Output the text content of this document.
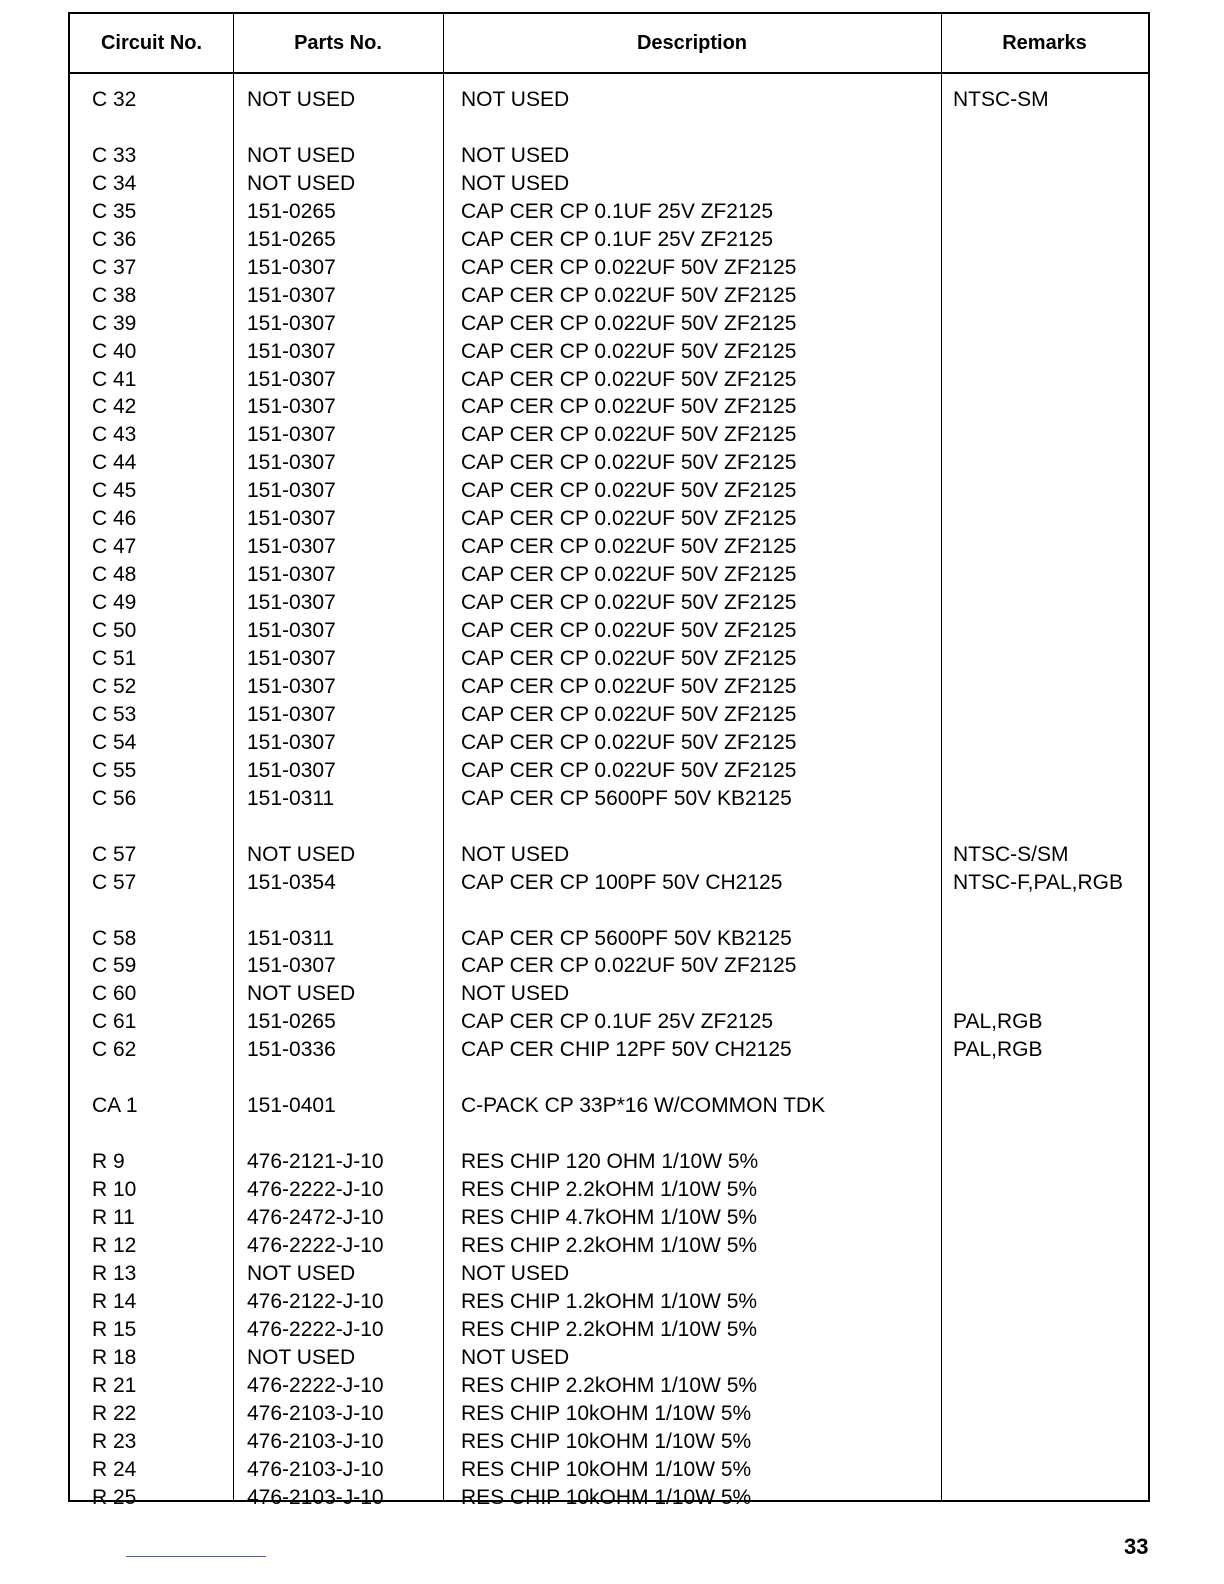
Circuit No.	Parts No.	Description	Remarks
C 32	NOT USED	NOT USED	NTSC-SM
C 33	NOT USED	NOT USED
C 34	NOT USED	NOT USED
C 35	151-0265	CAP CER CP 0.1UF 25V ZF2125
C 36	151-0265	CAP CER CP 0.1UF 25V ZF2125
C 37	151-0307	CAP CER CP 0.022UF 50V ZF2125
C 38	151-0307	CAP CER CP 0.022UF 50V ZF2125
C 39	151-0307	CAP CER CP 0.022UF 50V ZF2125
C 40	151-0307	CAP CER CP 0.022UF 50V ZF2125
C 41	151-0307	CAP CER CP 0.022UF 50V ZF2125
C 42	151-0307	CAP CER CP 0.022UF 50V ZF2125
C 43	151-0307	CAP CER CP 0.022UF 50V ZF2125
C 44	151-0307	CAP CER CP 0.022UF 50V ZF2125
C 45	151-0307	CAP CER CP 0.022UF 50V ZF2125
C 46	151-0307	CAP CER CP 0.022UF 50V ZF2125
C 47	151-0307	CAP CER CP 0.022UF 50V ZF2125
C 48	151-0307	CAP CER CP 0.022UF 50V ZF2125
C 49	151-0307	CAP CER CP 0.022UF 50V ZF2125
C 50	151-0307	CAP CER CP 0.022UF 50V ZF2125
C 51	151-0307	CAP CER CP 0.022UF 50V ZF2125
C 52	151-0307	CAP CER CP 0.022UF 50V ZF2125
C 53	151-0307	CAP CER CP 0.022UF 50V ZF2125
C 54	151-0307	CAP CER CP 0.022UF 50V ZF2125
C 55	151-0307	CAP CER CP 0.022UF 50V ZF2125
C 56	151-0311	CAP CER CP 5600PF 50V KB2125
C 57	NOT USED	NOT USED	NTSC-S/SM
C 57	151-0354	CAP CER CP 100PF 50V CH2125	NTSC-F,PAL,RGB
C 58	151-0311	CAP CER CP 5600PF 50V KB2125
C 59	151-0307	CAP CER CP 0.022UF 50V ZF2125
C 60	NOT USED	NOT USED
C 61	151-0265	CAP CER CP 0.1UF 25V ZF2125	PAL,RGB
C 62	151-0336	CAP CER CHIP 12PF 50V CH2125	PAL,RGB
CA 1	151-0401	C-PACK CP 33P*16 W/COMMON TDK
R 9	476-2121-J-10	RES CHIP 120 OHM 1/10W 5%
R 10	476-2222-J-10	RES CHIP 2.2kOHM 1/10W 5%
R 11	476-2472-J-10	RES CHIP 4.7kOHM 1/10W 5%
R 12	476-2222-J-10	RES CHIP 2.2kOHM 1/10W 5%
R 13	NOT USED	NOT USED
R 14	476-2122-J-10	RES CHIP 1.2kOHM 1/10W 5%
R 15	476-2222-J-10	RES CHIP 2.2kOHM 1/10W 5%
R 18	NOT USED	NOT USED
R 21	476-2222-J-10	RES CHIP 2.2kOHM 1/10W 5%
R 22	476-2103-J-10	RES CHIP 10kOHM 1/10W 5%
R 23	476-2103-J-10	RES CHIP 10kOHM 1/10W 5%
R 24	476-2103-J-10	RES CHIP 10kOHM 1/10W 5%
R 25	476-2103-J-10	RES CHIP 10kOHM 1/10W 5%
33
